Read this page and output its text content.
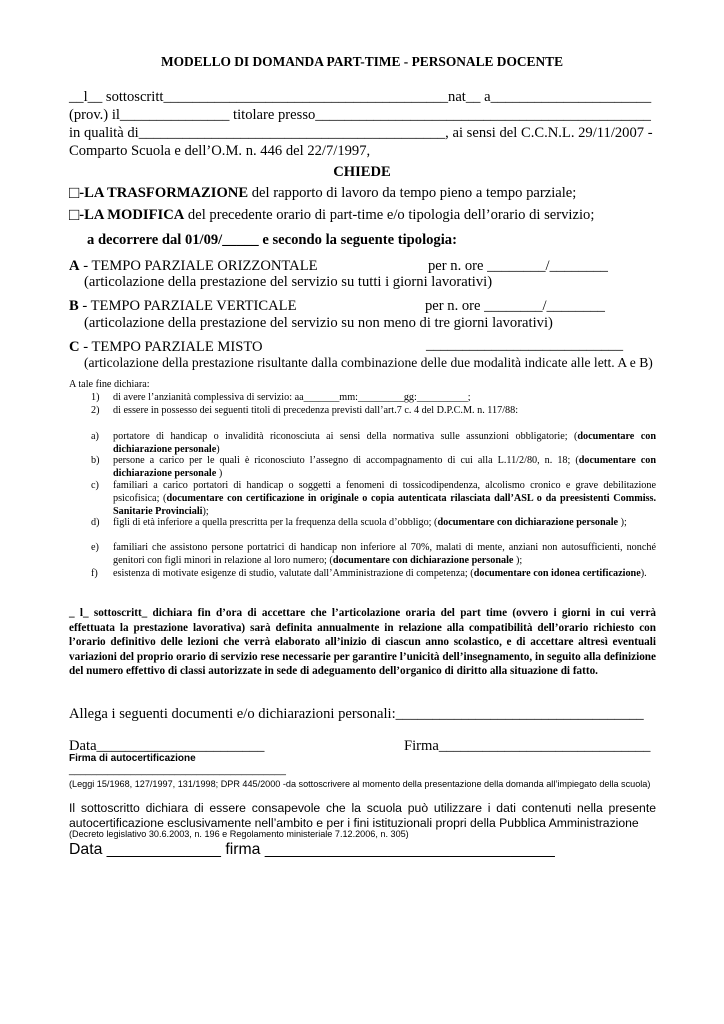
MODELLO DI DOMANDA PART-TIME - PERSONALE DOCENTE
__l__ sottoscritt_______________________________________nat__ a______________________
(prov.) il_______________ titolare presso______________________________________________
in qualità di__________________________________________, ai sensi del C.C.N.L. 29/11/2007 -
Comparto Scuola e dell’O.M. n. 446 del 22/7/1997,
CHIEDE
□-LA TRASFORMAZIONE del rapporto di lavoro da tempo pieno a tempo parziale;
□-LA MODIFICA del precedente orario di part-time e/o tipologia dell’orario di servizio;
a decorrere dal 01/09/_____ e secondo la seguente tipologia:
A - TEMPO PARZIALE ORIZZONTALE	per n. ore ________/________
(articolazione della prestazione del servizio su tutti i giorni lavorativi)
B - TEMPO PARZIALE VERTICALE	per n. ore ________/________
(articolazione della prestazione del servizio su non meno di tre giorni lavorativi)
C - TEMPO PARZIALE MISTO	___________________________
(articolazione della prestazione risultante dalla combinazione delle due modalità indicate alle lett. A e B)
A tale fine dichiara:
1) di avere l’anzianità complessiva di servizio: aa_______mm:_________gg:__________;
2) di essere in possesso dei seguenti titoli di precedenza previsti dall’art.7 c. 4 del D.P.C.M. n. 117/88:
a) portatore di handicap o invalidità riconosciuta ai sensi della normativa sulle assunzioni obbligatorie; (documentare con dichiarazione personale)
b) persone a carico per le quali è riconosciuto l’assegno di accompagnamento di cui alla L.11/2/80, n. 18; (documentare con dichiarazione personale )
c) familiari a carico portatori di handicap o soggetti a fenomeni di tossicodipendenza, alcolismo cronico e grave debilitazione psicofisica; (documentare con certificazione in originale o copia autenticata rilasciata dall’ASL o da preesistenti Commiss. Sanitarie Provinciali);
d) figli di età inferiore a quella prescritta per la frequenza della scuola d’obbligo; (documentare con dichiarazione personale );
e) familiari che assistono persone portatrici di handicap non inferiore al 70%, malati di mente, anziani non autosufficienti, nonché genitori con figli minori in relazione al loro numero; (documentare con dichiarazione personale );
f) esistenza di motivate esigenze di studio, valutate dall’Amministrazione di competenza; (documentare con idonea certificazione).
_ l_ sottoscritt_ dichiara fin d’ora di accettare che l’articolazione oraria del part time (ovvero i giorni in cui verrà effettuata la prestazione lavorativa) sarà definita annualmente in relazione alla compatibilità dell’orario richiesto con l’orario definitivo delle lezioni che verrà elaborato all’inizio di ciascun anno scolastico, e di accettare altresì eventuali variazioni del proprio orario di servizio rese necessarie per garantire l’unicità dell’insegnamento, in seguito alla definizione del numero effettivo di classi autorizzate in sede di adeguamento dell’organico di diritto alla situazione di fatto.
Allega i seguenti documenti e/o dichiarazioni personali:__________________________________
Data_______________________	Firma_____________________________
Firma di autocertificazione
_______________________________________
(Leggi 15/1968, 127/1997, 131/1998; DPR 445/2000 -da sottoscrivere al momento della presentazione della domanda all’impiegato della scuola)
Il sottoscritto dichiara di essere consapevole che la scuola può utilizzare i dati contenuti nella presente autocertificazione esclusivamente nell’ambito e per i fini istituzionali propri della Pubblica Amministrazione
(Decreto legislativo 30.6.2003, n. 196 e Regolamento ministeriale 7.12.2006, n. 305)
Data _____________ firma _________________________________
